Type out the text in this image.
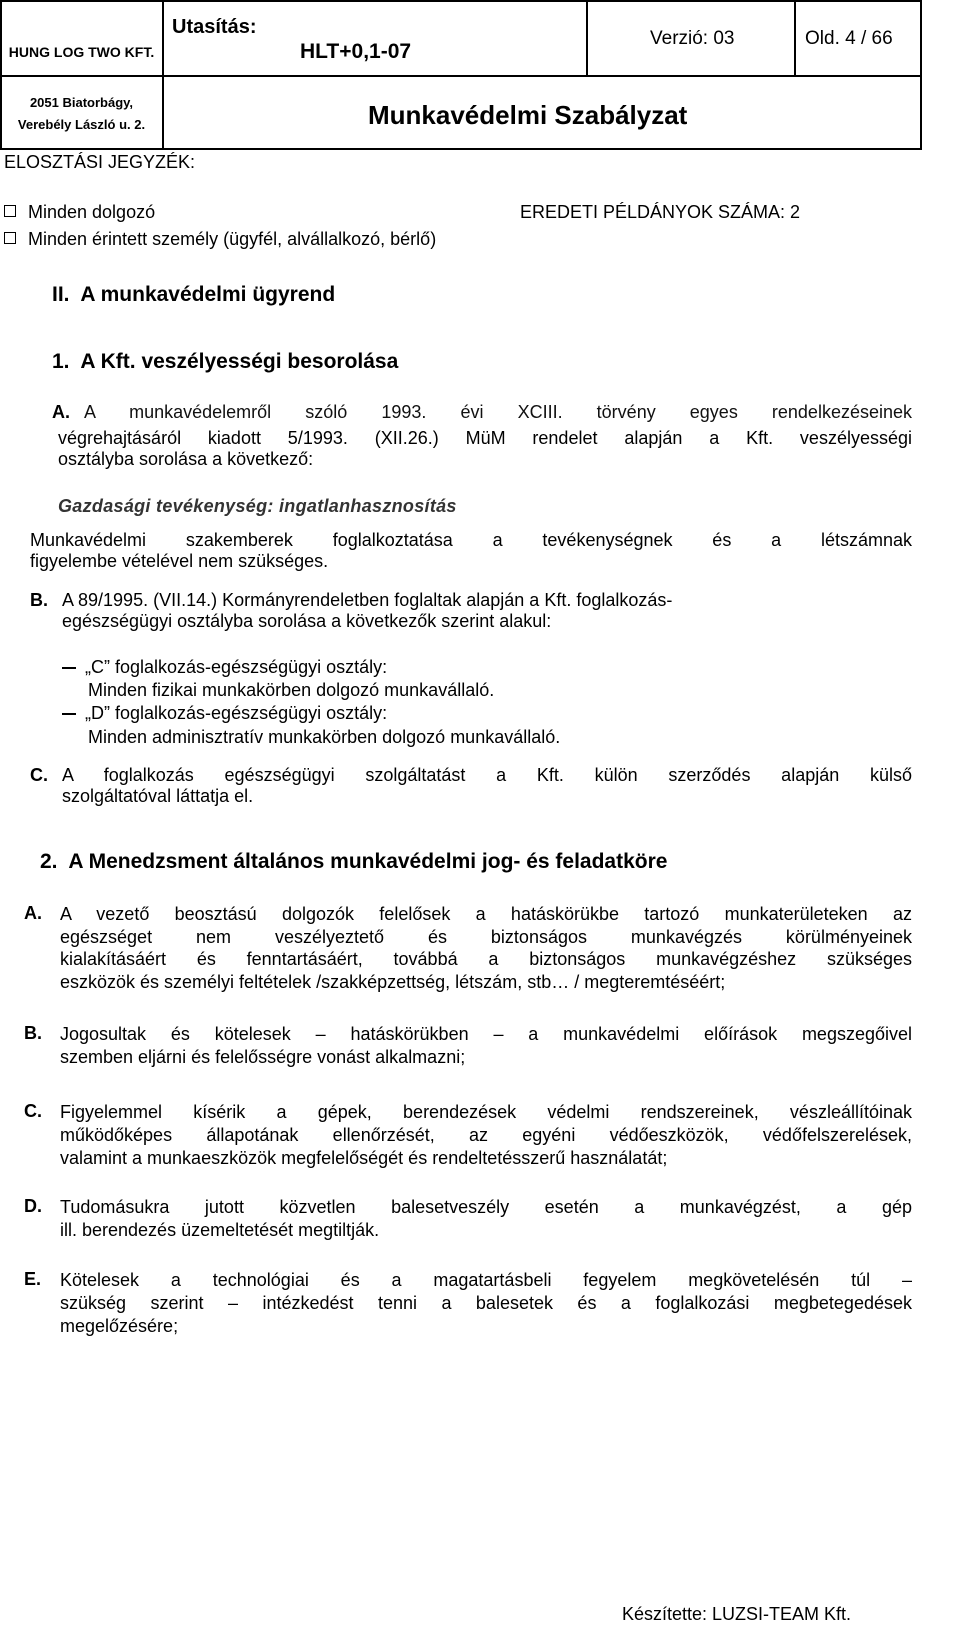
HUNG LOG TWO KFT.
2051 Biatorbágy,
Verebély László u. 2.
Utasítás:
HLT+0,1-07
Verzió: 03	Old. 4 / 66
Munkavédelmi Szabályzat
ELOSZTÁSI JEGYZÉK:
Minden dolgozó	EREDETI PÉLDÁNYOK SZÁMA: 2
Minden érintett személy (ügyfél, alvállalkozó, bérlő)
II.  A munkavédelmi ügyrend
1.  A Kft. veszélyességi besorolása
A. A munkavédelemről szóló 1993. évi XCIII. törvény egyes rendelkezéseinek

végrehajtásáról kiadott 5/1993. (XII.26.) MüM rendelet alapján a Kft. veszélyességi

osztályba sorolása a következő:

Gazdasági tevékenység: ingatlanhasznosítás

Munkavédelmi szakemberek foglalkoztatása a tevékenységnek és a létszámnak

figyelembe vételével nem szükséges.

B. A 89/1995. (VII.14.) Kormányrendeletben foglaltak alapján a Kft. foglalkozás-

egészségügyi osztályba sorolása a következők szerint alakul:

„C” foglalkozás-egészségügyi osztály:
Minden fizikai munkakörben dolgozó munkavállaló.
„D” foglalkozás-egészségügyi osztály:
Minden adminisztratív munkakörben dolgozó munkavállaló.
C. A foglalkozás egészségügyi szolgáltatást a Kft. külön szerződés alapján külső

szolgáltatóval láttatja el.

2.  A Menedzsment általános munkavédelmi jog- és feladatköre
A. A vezető beosztású dolgozók felelősek a hatáskörükbe tartozó munkaterületeken az

egészséget nem veszélyeztető és biztonságos munkavégzés körülményeinek

kialakításáért és fenntartásáért, továbbá a biztonságos munkavégzéshez szükséges

eszközök és személyi feltételek /szakképzettség, létszám, stb… / megteremtéséért;

B. Jogosultak és kötelesek – hatáskörükben – a munkavédelmi előírások megszegőivel

szemben eljárni és felelősségre vonást alkalmazni;

C. Figyelemmel kísérik a gépek, berendezések védelmi rendszereinek, vészleállítóinak

működőképes állapotának ellenőrzését, az egyéni védőeszközök, védőfelszerelések,

valamint a munkaeszközök megfelelőségét és rendeltetésszerű használatát;

D. Tudomásukra jutott közvetlen balesetveszély esetén a munkavégzést, a gép

ill. berendezés üzemeltetését megtiltják.

E. Kötelesek a technológiai és a magatartásbeli fegyelem megkövetelésén túl –

szükség szerint – intézkedést tenni a balesetek és a foglalkozási megbetegedések

megelőzésére;

Készítette: LUZSI-TEAM Kft.
